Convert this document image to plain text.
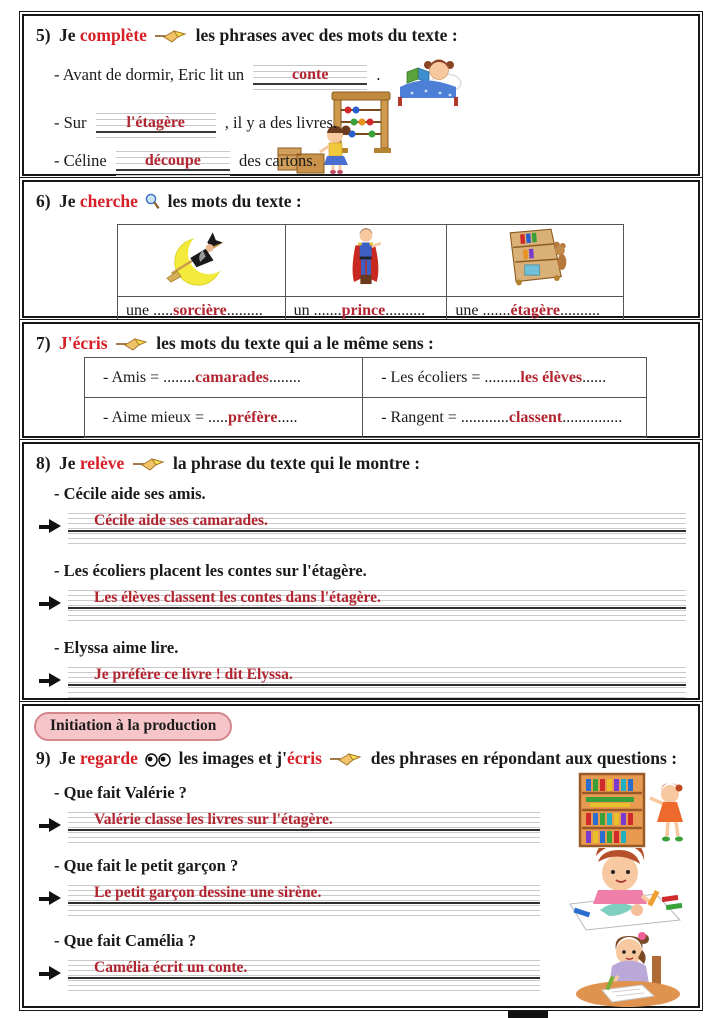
5) Je complète	les phrases avec des mots du texte :
- Avant de dormir, Eric lit un	conte	.
- Sur	l'étagère	, il y a des livres.
- Céline	découpe	des cartons.
6) Je cherche les mots du texte :

une .....sorcière.........	un .......prince..........	une .......étagère..........
7) J'écris	les mots du texte qui a le même sens :
- Amis = ........camarades........	- Les écoliers = .........les élèves......
- Aime mieux = .....préfère.....	- Rangent = ............classent...............
8) Je relève	la phrase du texte qui le montre :
- Cécile aide ses amis.
Cécile aide ses camarades.
- Les écoliers placent les contes sur l'étagère.
Les élèves classent les contes dans l'étagère.
- Elyssa aime lire.
Je préfère ce livre ! dit Elyssa.
Initiation à la production
9) Je regarde les images et j'écris	des phrases en répondant aux questions :
- Que fait Valérie ?
Valérie classe les livres sur l'étagère.
- Que fait le petit garçon ?
Le petit garçon dessine une sirène.
- Que fait Camélia ?
Camélia écrit un conte.
